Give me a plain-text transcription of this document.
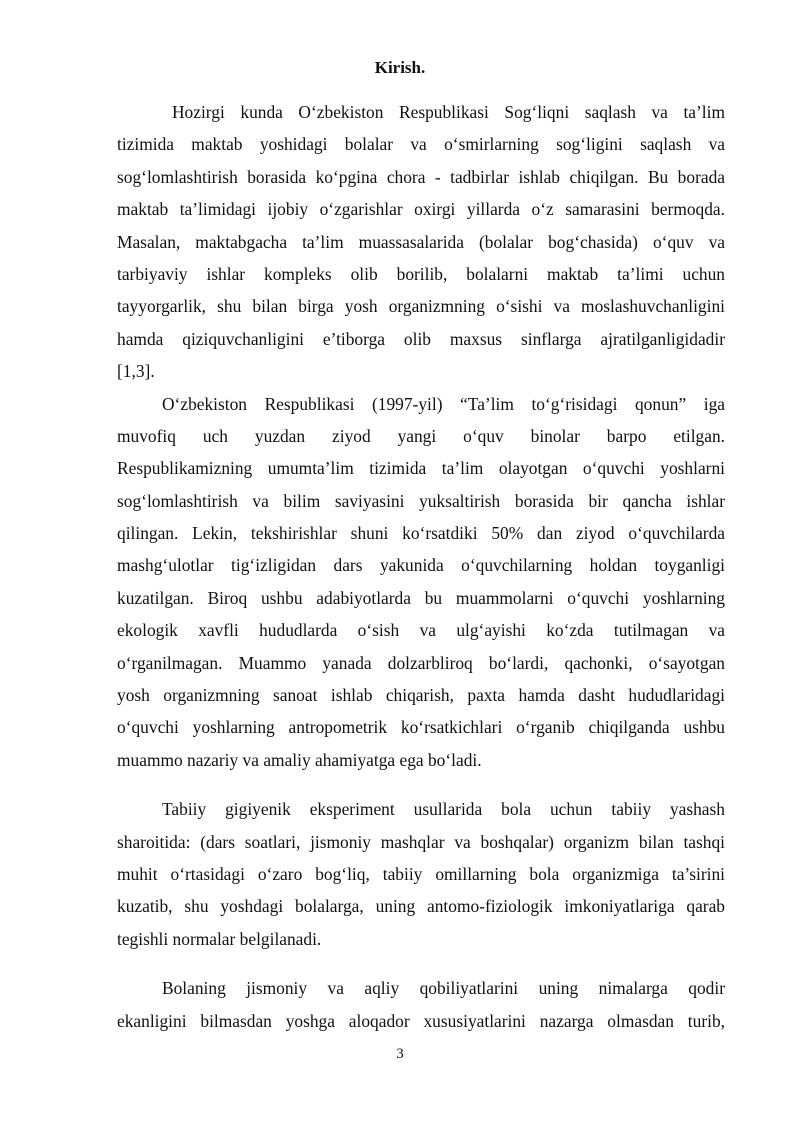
Kirish.
Hozirgi kunda O‘zbekiston Respublikasi Sog‘liqni saqlash va ta’lim
tizimida maktab yoshidagi bolalar va o‘smirlarning sog‘ligini saqlash va
sog‘lomlashtirish borasida ko‘pgina chora - tadbirlar ishlab chiqilgan. Bu borada
maktab ta’limidagi ijobiy o‘zgarishlar oxirgi yillarda o‘z samarasini bermoqda.
Masalan, maktabgacha ta’lim muassasalarida (bolalar bog‘chasida) o‘quv va
tarbiyaviy ishlar kompleks olib borilib, bolalarni maktab ta’limi uchun
tayyorgarlik, shu bilan birga yosh organizmning o‘sishi va moslashuvchanligini
hamda qiziquvchanligini e’tiborga olib maxsus sinflarga ajratilganligidadir
[1,3].
O‘zbekiston Respublikasi (1997-yil) “Ta’lim to‘g‘risidagi qonun” iga
muvofiq uch yuzdan ziyod yangi o‘quv binolar barpo etilgan.
Respublikamizning umumta’lim tizimida ta’lim olayotgan o‘quvchi yoshlarni
sog‘lomlashtirish va bilim saviyasini yuksaltirish borasida bir qancha ishlar
qilingan. Lekin, tekshirishlar shuni ko‘rsatdiki 50% dan ziyod o‘quvchilarda
mashg‘ulotlar tig‘izligidan dars yakunida o‘quvchilarning holdan toyganligi
kuzatilgan. Biroq ushbu adabiyotlarda bu muammolarni o‘quvchi yoshlarning
ekologik xavfli hududlarda o‘sish va ulg‘ayishi ko‘zda tutilmagan va
o‘rganilmagan. Muammo yanada dolzarbliroq bo‘lardi, qachonki, o‘sayotgan
yosh organizmning sanoat ishlab chiqarish, paxta hamda dasht hududlaridagi
o‘quvchi yoshlarning antropometrik ko‘rsatkichlari o‘rganib chiqilganda ushbu
muammo nazariy va amaliy ahamiyatga ega bo‘ladi.
Tabiiy gigiyenik eksperiment usullarida bola uchun tabiiy yashash
sharoitida: (dars soatlari, jismoniy mashqlar va boshqalar) organizm bilan tashqi
muhit o‘rtasidagi o‘zaro bog‘liq, tabiiy omillarning bola organizmiga ta’sirini
kuzatib, shu yoshdagi bolalarga, uning antomo-fiziologik imkoniyatlariga qarab
tegishli normalar belgilanadi.
Bolaning jismoniy va aqliy qobiliyatlarini uning nimalarga qodir
ekanligini bilmasdan yoshga aloqador xususiyatlarini nazarga olmasdan turib,
3
